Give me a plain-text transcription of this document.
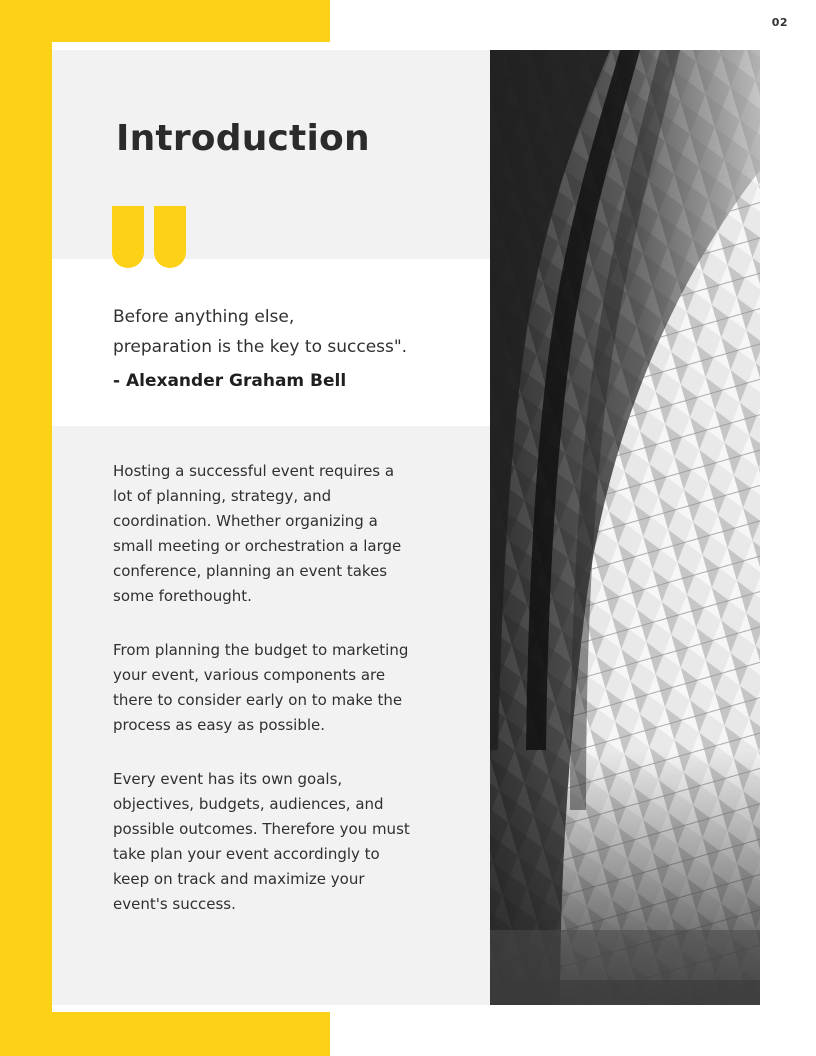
02
Introduction
Before anything else,
preparation is the key to success".
- Alexander Graham Bell

Hosting a successful event requires a lot of planning, strategy, and coordination. Whether organizing a small meeting or orchestration a large conference, planning an event takes some forethought.

From planning the budget to marketing your event, various components are there to consider early on to make the process as easy as possible.

Every event has its own goals, objectives, budgets, audiences, and possible outcomes. Therefore you must take plan your event accordingly to keep on track and maximize your event's success.
